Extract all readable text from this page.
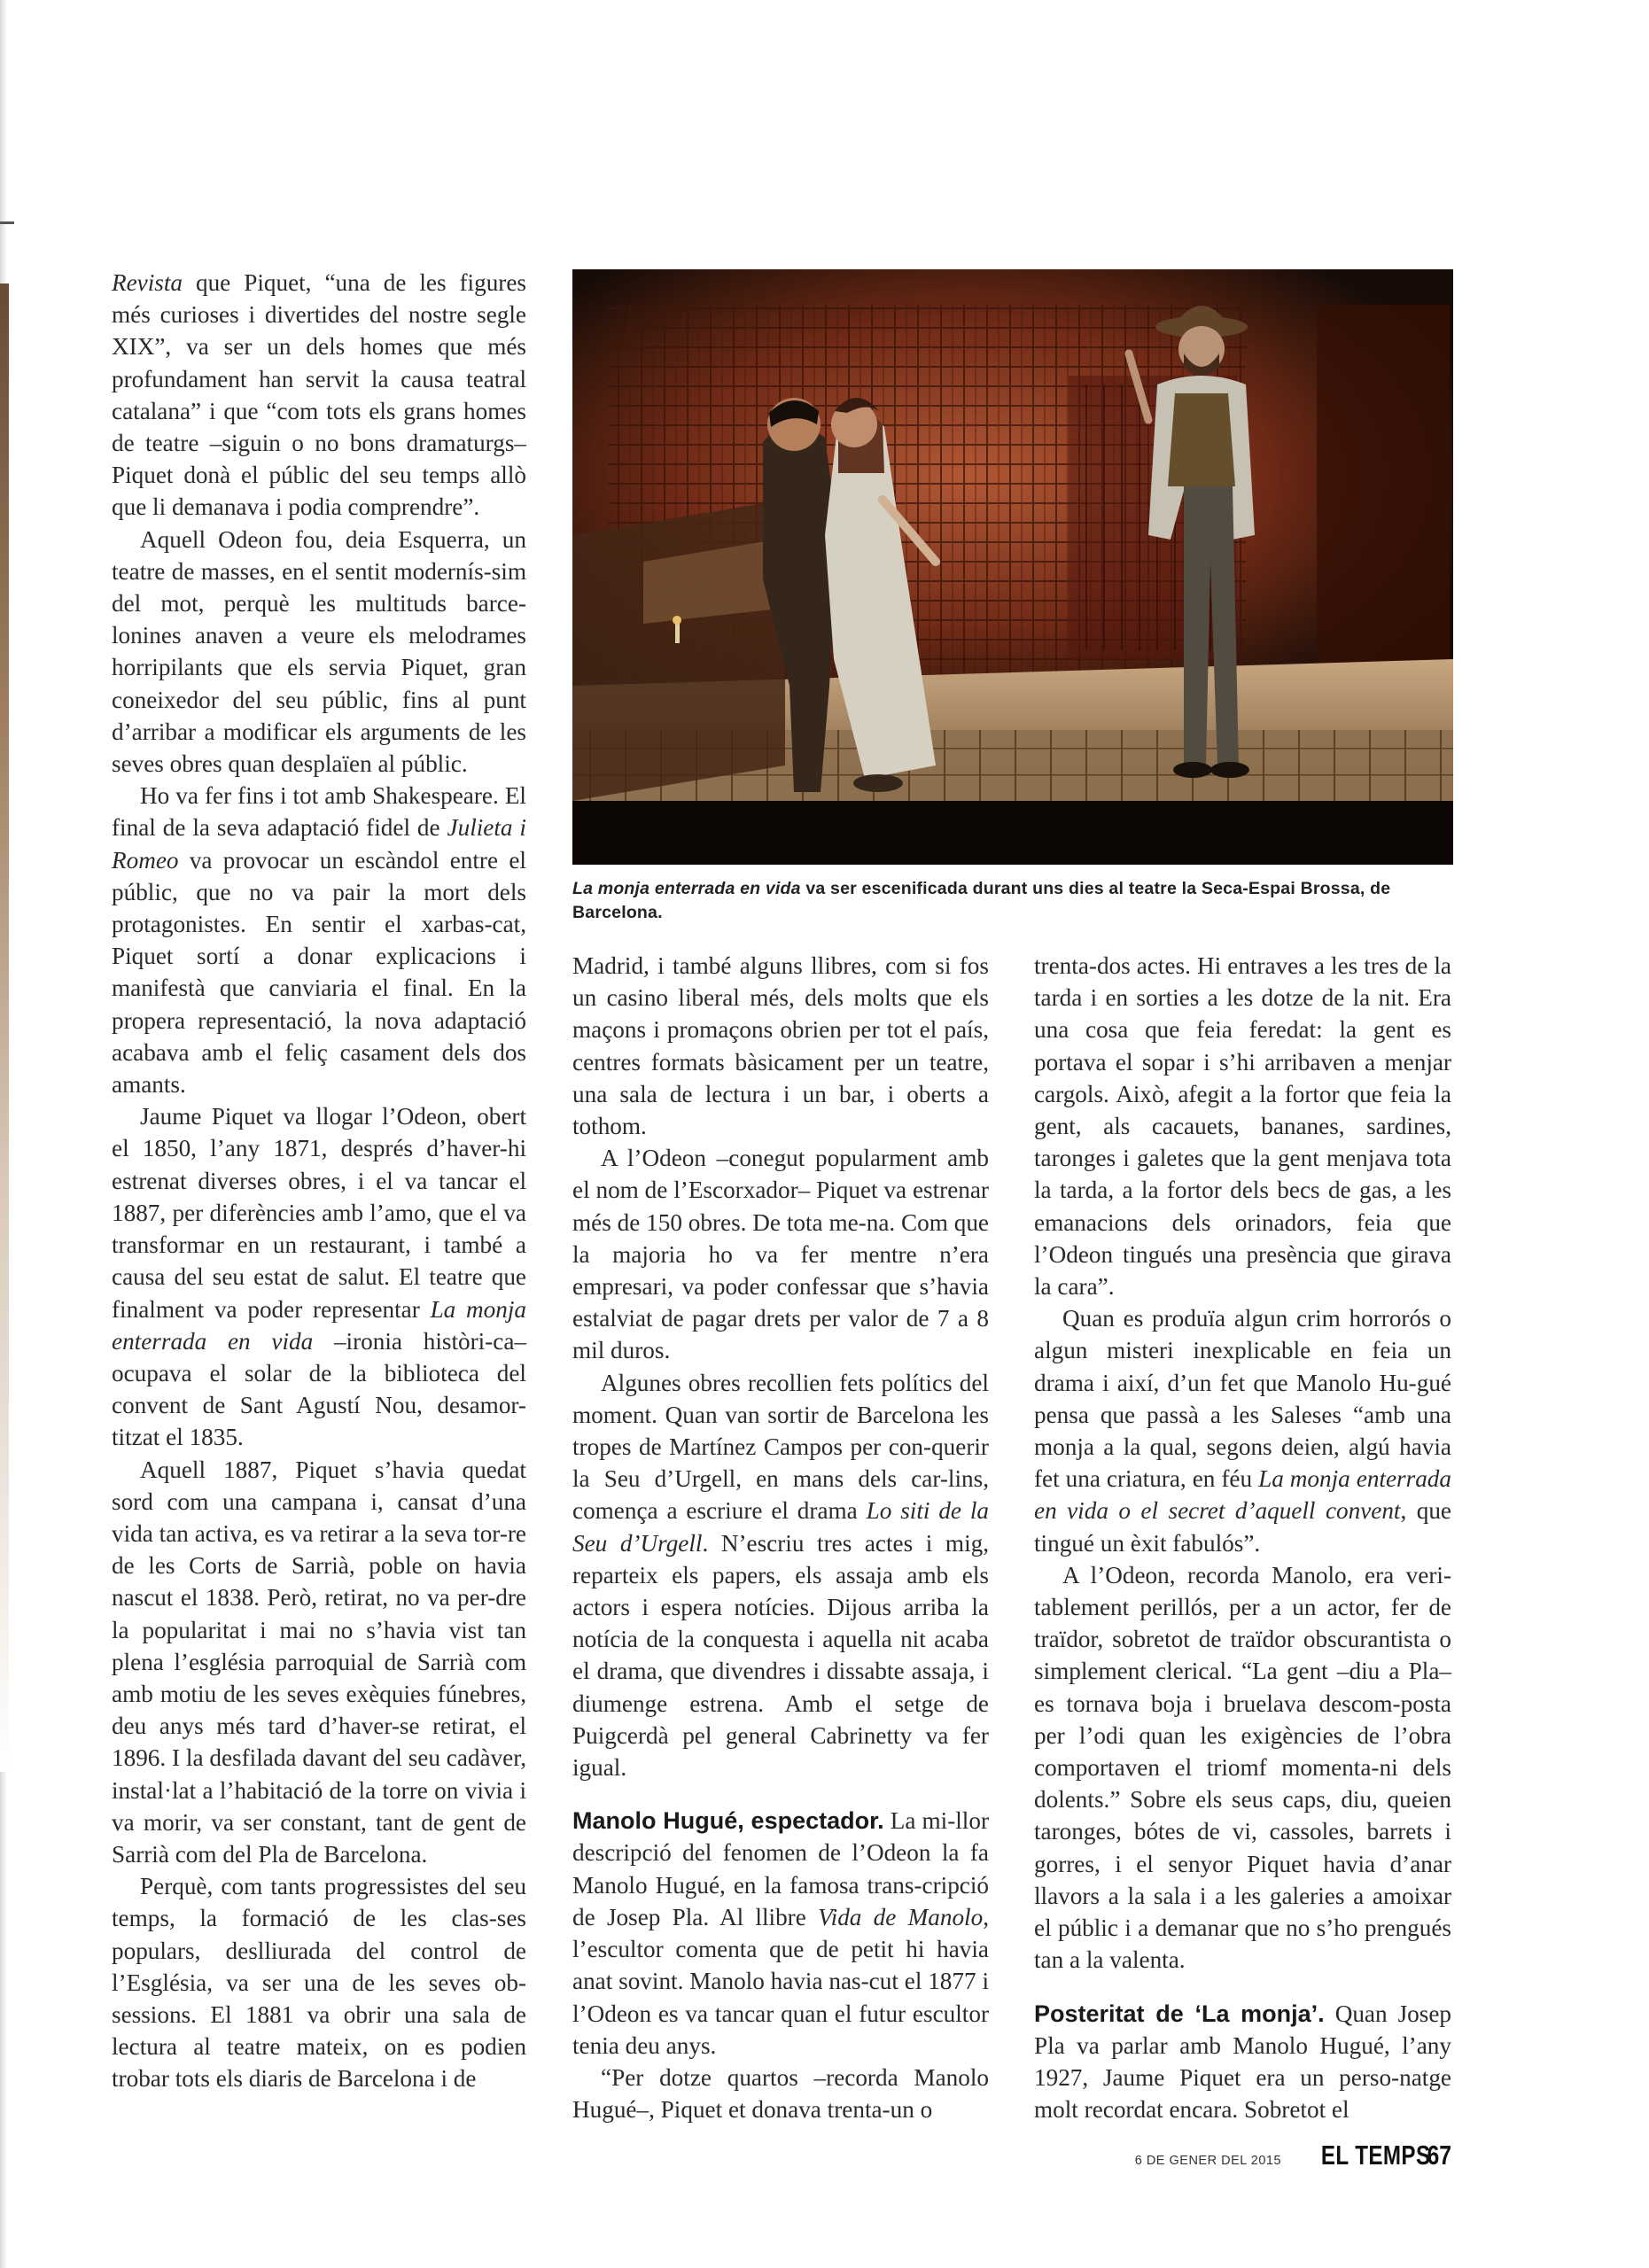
Revista que Piquet, “una de les figures més curioses i divertides del nostre segle XIX”, va ser un dels homes que més profundament han servit la causa teatral catalana” i que “com tots els grans homes de teatre –siguin o no bons dramaturgs– Piquet donà el públic del seu temps allò que li demanava i podia comprendre”.

Aquell Odeon fou, deia Esquerra, un teatre de masses, en el sentit modernís-sim del mot, perquè les multituds barce-lonines anaven a veure els melodrames horripilants que els servia Piquet, gran coneixedor del seu públic, fins al punt d’arribar a modificar els arguments de les seves obres quan desplaïen al públic.

Ho va fer fins i tot amb Shakespeare. El final de la seva adaptació fidel de Julieta i Romeo va provocar un escàndol entre el públic, que no va pair la mort dels protagonistes. En sentir el xarbas-cat, Piquet sortí a donar explicacions i manifestà que canviaria el final. En la propera representació, la nova adaptació acabava amb el feliç casament dels dos amants.

Jaume Piquet va llogar l’Odeon, obert el 1850, l’any 1871, després d’haver-hi estrenat diverses obres, i el va tancar el 1887, per diferències amb l’amo, que el va transformar en un restaurant, i també a causa del seu estat de salut. El teatre que finalment va poder representar La monja enterrada en vida –ironia històri-ca– ocupava el solar de la biblioteca del convent de Sant Agustí Nou, desamor-titzat el 1835.

Aquell 1887, Piquet s’havia quedat sord com una campana i, cansat d’una vida tan activa, es va retirar a la seva tor-re de les Corts de Sarrià, poble on havia nascut el 1838. Però, retirat, no va per-dre la popularitat i mai no s’havia vist tan plena l’església parroquial de Sarrià com amb motiu de les seves exèquies fúnebres, deu anys més tard d’haver-se retirat, el 1896. I la desfilada davant del seu cadàver, instal·lat a l’habitació de la torre on vivia i va morir, va ser constant, tant de gent de Sarrià com del Pla de Barcelona.

Perquè, com tants progressistes del seu temps, la formació de les clas-ses populars, deslliurada del control de l’Església, va ser una de les seves ob-sessions. El 1881 va obrir una sala de lectura al teatre mateix, on es podien trobar tots els diaris de Barcelona i de

La monja enterrada en vida va ser escenificada durant uns dies al teatre la Seca-Espai Brossa, de Barcelona.

Madrid, i també alguns llibres, com si fos un casino liberal més, dels molts que els maçons i promaçons obrien per tot el país, centres formats bàsicament per un teatre, una sala de lectura i un bar, i oberts a tothom.

A l’Odeon –conegut popularment amb el nom de l’Escorxador– Piquet va estrenar més de 150 obres. De tota me-na. Com que la majoria ho va fer mentre n’era empresari, va poder confessar que s’havia estalviat de pagar drets per valor de 7 a 8 mil duros.

Algunes obres recollien fets polítics del moment. Quan van sortir de Barcelona les tropes de Martínez Campos per con-querir la Seu d’Urgell, en mans dels car-lins, comença a escriure el drama Lo siti de la Seu d’Urgell. N’escriu tres actes i mig, reparteix els papers, els assaja amb els actors i espera notícies. Dijous arriba la notícia de la conquesta i aquella nit acaba el drama, que divendres i dissabte assaja, i diumenge estrena. Amb el setge de Puigcerdà pel general Cabrinetty va fer igual.

Manolo Hugué, espectador. La mi-llor descripció del fenomen de l’Odeon la fa Manolo Hugué, en la famosa trans-cripció de Josep Pla. Al llibre Vida de Manolo, l’escultor comenta que de petit hi havia anat sovint. Manolo havia nas-cut el 1877 i l’Odeon es va tancar quan el futur escultor tenia deu anys.

“Per dotze quartos –recorda Manolo Hugué–, Piquet et donava trenta-un o

trenta-dos actes. Hi entraves a les tres de la tarda i en sorties a les dotze de la nit. Era una cosa que feia feredat: la gent es portava el sopar i s’hi arribaven a menjar cargols. Això, afegit a la fortor que feia la gent, als cacauets, bananes, sardines, taronges i galetes que la gent menjava tota la tarda, a la fortor dels becs de gas, a les emanacions dels orinadors, feia que l’Odeon tingués una presència que girava la cara”.

Quan es produïa algun crim horrorós o algun misteri inexplicable en feia un drama i així, d’un fet que Manolo Hu-gué pensa que passà a les Saleses “amb una monja a la qual, segons deien, algú havia fet una criatura, en féu La monja enterrada en vida o el secret d’aquell convent, que tingué un èxit fabulós”.

A l’Odeon, recorda Manolo, era veri-tablement perillós, per a un actor, fer de traïdor, sobretot de traïdor obscurantista o simplement clerical. “La gent –diu a Pla– es tornava boja i bruelava descom-posta per l’odi quan les exigències de l’obra comportaven el triomf momenta-ni dels dolents.” Sobre els seus caps, diu, queien taronges, bótes de vi, cassoles, barrets i gorres, i el senyor Piquet havia d’anar llavors a la sala i a les galeries a amoixar el públic i a demanar que no s’ho prengués tan a la valenta.

Posteritat de ‘La monja’. Quan Josep Pla va parlar amb Manolo Hugué, l’any 1927, Jaume Piquet era un perso-natge molt recordat encara. Sobretot el

6 DE GENER DEL 2015 EL TEMPS
67
